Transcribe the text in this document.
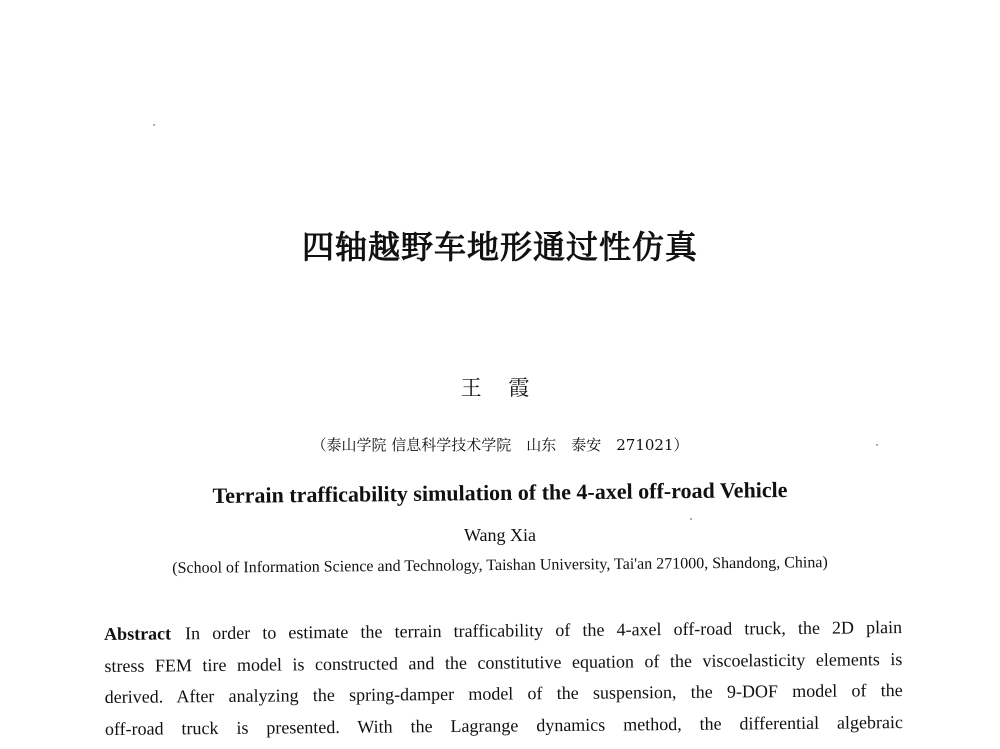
四轴越野车地形通过性仿真
王 霞
（泰山学院 信息科学技术学院　山东　泰安　271021）
Terrain trafficability simulation of the 4-axel off-road Vehicle
Wang Xia
(School of Information Science and Technology, Taishan University, Tai'an 271000, Shandong, China)
Abstract In order to estimate the terrain trafficability of the 4-axel off-road truck, the 2D plain
stress FEM tire model is constructed and the constitutive equation of the viscoelasticity elements is
derived. After analyzing the spring-damper model of the suspension, the 9-DOF model of the
off-road truck is presented. With the Lagrange dynamics method, the differential algebraic
